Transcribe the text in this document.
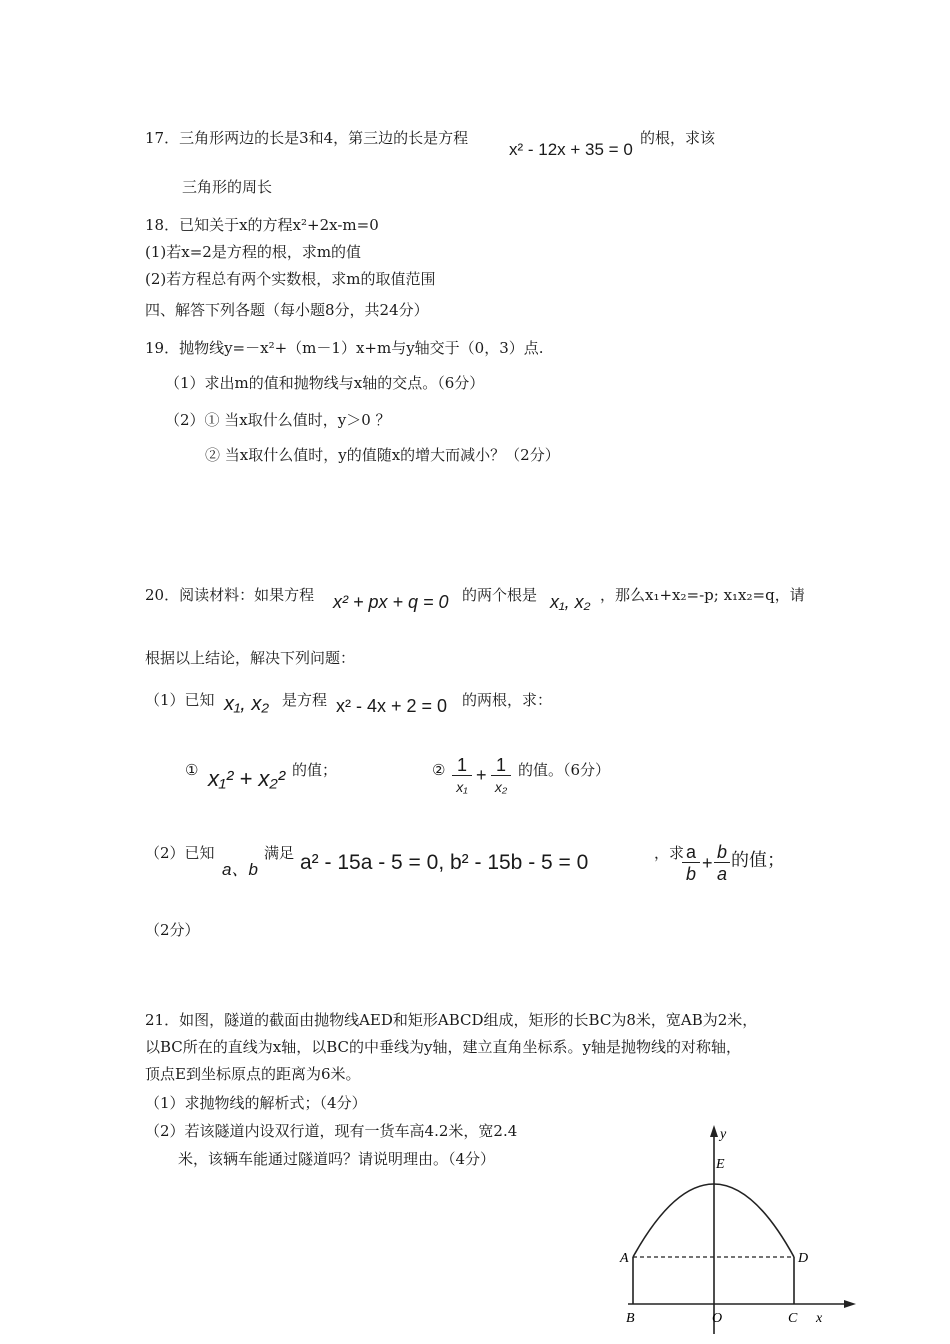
17．三角形两边的长是3和4，第三边的长是方程
x² - 12x + 35 = 0
的根，求该
三角形的周长
18．已知关于x的方程x²+2x-m=0
(1)若x=2是方程的根，求m的值
(2)若方程总有两个实数根，求m的取值范围
四、解答下列各题（每小题8分，共24分）
19．抛物线y=－x²+（m－1）x+m与y轴交于（0，3）点.
（1）求出m的值和抛物线与x轴的交点。（6分）
（2）① 当x取什么值时，y＞0 ？
② 当x取什么值时，y的值随x的增大而减小？（2分）
20．阅读材料：如果方程 x² + px + q = 0 的两个根是 x₁, x₂ ，那么x₁+x₂=-p; x₁x₂=q，请
根据以上结论，解决下列问题：
（1）已知 x₁, x₂ 是方程 x² - 4x + 2 = 0 的两根，求：
① x₁² + x₂² 的值；	② 1
x₁
+ 1
x₂
的值。（6分）
（2）已知
a、b
满足 a² - 15a - 5 = 0, b² - 15b - 5 = 0	，求 a
b
+
b
a
的值；
（2分）
21．如图，隧道的截面由抛物线AED和矩形ABCD组成，矩形的长BC为8米，宽AB为2米，
以BC所在的直线为x轴，以BC的中垂线为y轴，建立直角坐标系。y轴是抛物线的对称轴，
顶点E到坐标原点的距离为6米。
（1）求抛物线的解析式；（4分）
（2）若该隧道内设双行道，现有一货车高4.2米，宽2.4
米，该辆车能通过隧道吗？请说明理由。（4分）
y
E
A	D
B	O	C x
